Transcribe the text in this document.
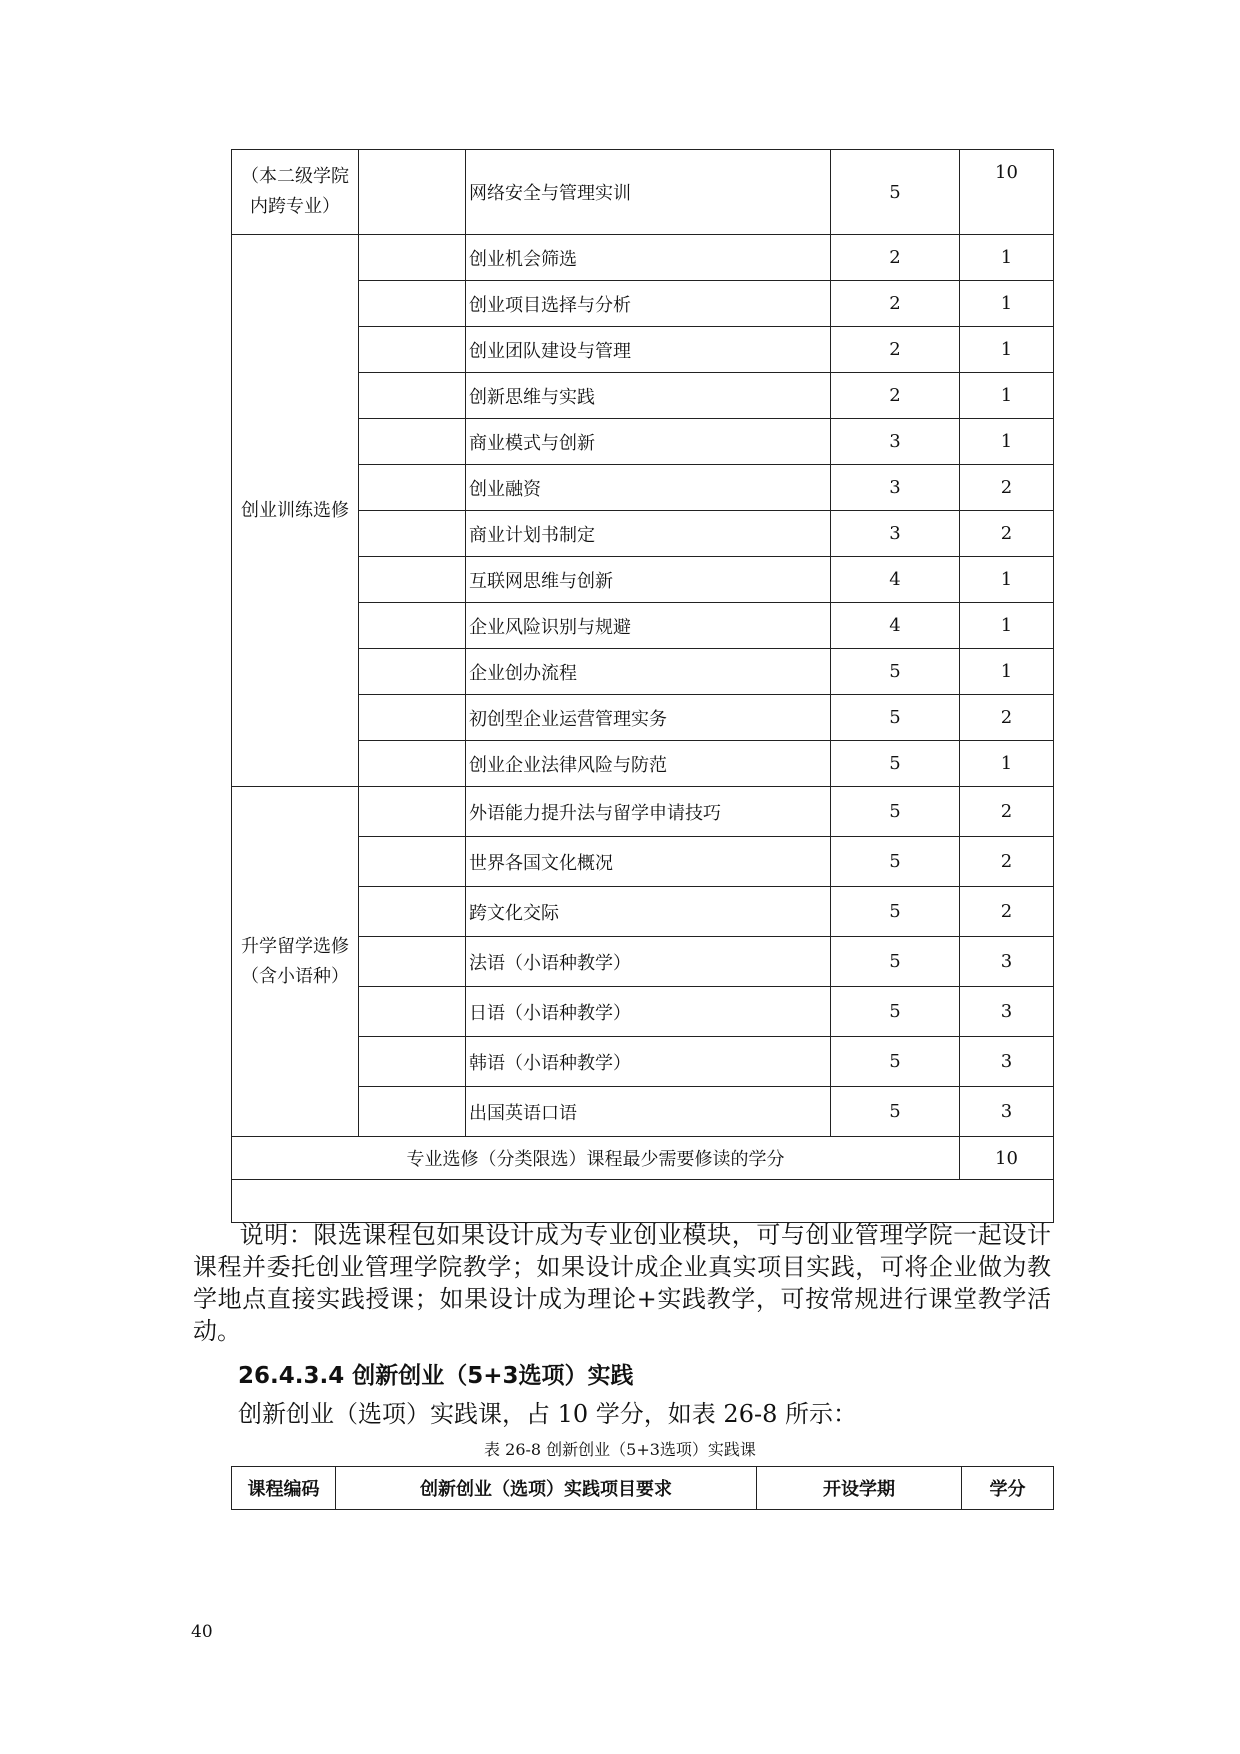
（本二级学院
内跨专业）		网络安全与管理实训	5	10
创业训练选修		创业机会筛选	2	1
		创业项目选择与分析	2	1
		创业团队建设与管理	2	1
		创新思维与实践	2	1
		商业模式与创新	3	1
		创业融资	3	2
		商业计划书制定	3	2
		互联网思维与创新	4	1
		企业风险识别与规避	4	1
		企业创办流程	5	1
		初创型企业运营管理实务	5	2
		创业企业法律风险与防范	5	1

升学留学选修
（含小语种）		外语能力提升法与留学申请技巧	5	2
		世界各国文化概况	5	2
		跨文化交际	5	2
		法语（小语种教学）	5	3
		日语（小语种教学）	5	3
		韩语（小语种教学）	5	3
		出国英语口语	5	3
专业选修（分类限选）课程最少需要修读的学分				10

说明：限选课程包如果设计成为专业创业模块，可与创业管理学院一起设计课程并委托创业管理学院教学；如果设计成企业真实项目实践，可将企业做为教学地点直接实践授课；如果设计成为理论+实践教学，可按常规进行课堂教学活动。

26.4.3.4 创新创业（5+3选项）实践

创新创业（选项）实践课，占 10 学分，如表 26-8 所示：

表 26-8 创新创业（5+3选项）实践课
课程编码	创新创业（选项）实践项目要求	开设学期	学分
40
